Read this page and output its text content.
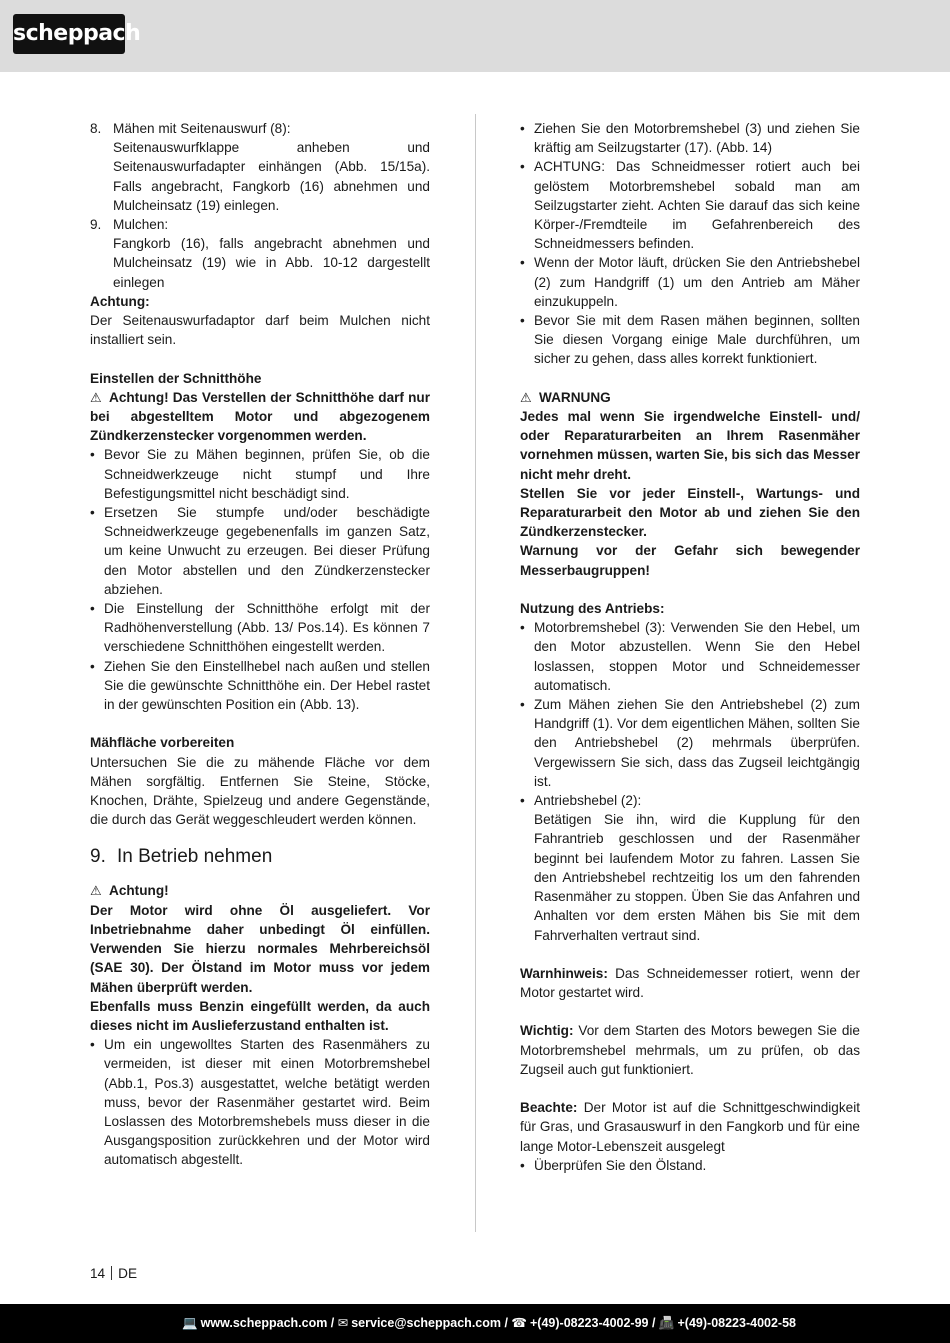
scheppach
8. Mähen mit Seitenauswurf (8):

Seitenauswurfklappe anheben und Seitenauswurfadapter einhängen (Abb. 15/15a). Falls angebracht, Fangkorb (16) abnehmen und Mulcheinsatz (19) einlegen.

9. Mulchen:

Fangkorb (16), falls angebracht abnehmen und Mulcheinsatz (19) wie in Abb. 10-12 dargestellt einlegen

Achtung:

Der Seitenauswurfadaptor darf beim Mulchen nicht installiert sein.

Einstellen der Schnitthöhe

⚠ Achtung! Das Verstellen der Schnitthöhe darf nur bei abgestelltem Motor und abgezogenem Zündkerzenstecker vorgenommen werden.

• Bevor Sie zu Mähen beginnen, prüfen Sie, ob die Schneidwerkzeuge nicht stumpf und Ihre Befestigungsmittel nicht beschädigt sind.
• Ersetzen Sie stumpfe und/oder beschädigte Schneidwerkzeuge gegebenenfalls im ganzen Satz, um keine Unwucht zu erzeugen. Bei dieser Prüfung den Motor abstellen und den Zündkerzenstecker abziehen.
• Die Einstellung der Schnitthöhe erfolgt mit der Radhöhenverstellung (Abb. 13/ Pos.14). Es können 7 verschiedene Schnitthöhen eingestellt werden.
• Ziehen Sie den Einstellhebel nach außen und stellen Sie die gewünschte Schnitthöhe ein. Der Hebel rastet in der gewünschten Position ein (Abb. 13).

Mähfläche vorbereiten

Untersuchen Sie die zu mähende Fläche vor dem Mähen sorgfältig. Entfernen Sie Steine, Stöcke, Knochen, Drähte, Spielzeug und andere Gegenstände, die durch das Gerät weggeschleudert werden können.

9. In Betrieb nehmen

⚠ Achtung!

Der Motor wird ohne Öl ausgeliefert. Vor Inbetriebnahme daher unbedingt Öl einfüllen. Verwenden Sie hierzu normales Mehrbereichsöl (SAE 30). Der Ölstand im Motor muss vor jedem Mähen überprüft werden.

Ebenfalls muss Benzin eingefüllt werden, da auch dieses nicht im Auslieferzustand enthalten ist.

• Um ein ungewolltes Starten des Rasenmähers zu vermeiden, ist dieser mit einen Motorbremshebel (Abb.1, Pos.3) ausgestattet, welche betätigt werden muss, bevor der Rasenmäher gestartet wird. Beim Loslassen des Motorbremshebels muss dieser in die Ausgangsposition zurückkehren und der Motor wird automatisch abgestellt.
• Ziehen Sie den Motorbremshebel (3) und ziehen Sie kräftig am Seilzugstarter (17). (Abb. 14)
• ACHTUNG: Das Schneidmesser rotiert auch bei gelöstem Motorbremshebel sobald man am Seilzugstarter zieht. Achten Sie darauf das sich keine Körper-/Fremdteile im Gefahrenbereich des Schneidmessers befinden.
• Wenn der Motor läuft, drücken Sie den Antriebshebel (2) zum Handgriff (1) um den Antrieb am Mäher einzukuppeln.
• Bevor Sie mit dem Rasen mähen beginnen, sollten Sie diesen Vorgang einige Male durchführen, um sicher zu gehen, dass alles korrekt funktioniert.

⚠ WARNUNG

Jedes mal wenn Sie irgendwelche Einstell- und/ oder Reparaturarbeiten an Ihrem Rasenmäher vornehmen müssen, warten Sie, bis sich das Messer nicht mehr dreht.

Stellen Sie vor jeder Einstell-, Wartungs- und Reparaturarbeit den Motor ab und ziehen Sie den Zündkerzenstecker.

Warnung vor der Gefahr sich bewegender Messerbaugruppen!

Nutzung des Antriebs:

• Motorbremshebel (3): Verwenden Sie den Hebel, um den Motor abzustellen. Wenn Sie den Hebel loslassen, stoppen Motor und Schneidemesser automatisch.
• Zum Mähen ziehen Sie den Antriebshebel (2) zum Handgriff (1). Vor dem eigentlichen Mähen, sollten Sie den Antriebshebel (2) mehrmals überprüfen. Vergewissern Sie sich, dass das Zugseil leichtgängig ist.
• Antriebshebel (2):
Betätigen Sie ihn, wird die Kupplung für den Fahrantrieb geschlossen und der Rasenmäher beginnt bei laufendem Motor zu fahren. Lassen Sie den Antriebshebel rechtzeitig los um den fahrenden Rasenmäher zu stoppen. Üben Sie das Anfahren und Anhalten vor dem ersten Mähen bis Sie mit dem Fahrverhalten vertraut sind.

Warnhinweis: Das Schneidemesser rotiert, wenn der Motor gestartet wird.

Wichtig: Vor dem Starten des Motors bewegen Sie die Motorbremshebel mehrmals, um zu prüfen, ob das Zugseil auch gut funktioniert.

Beachte: Der Motor ist auf die Schnittgeschwindigkeit für Gras, und Grasauswurf in den Fangkorb und für eine lange Motor-Lebenszeit ausgelegt

• Überprüfen Sie den Ölstand.
14 DE
💻 www.scheppach.com / ✉ service@scheppach.com / ☎ +(49)-08223-4002-99 / 📠 +(49)-08223-4002-58
